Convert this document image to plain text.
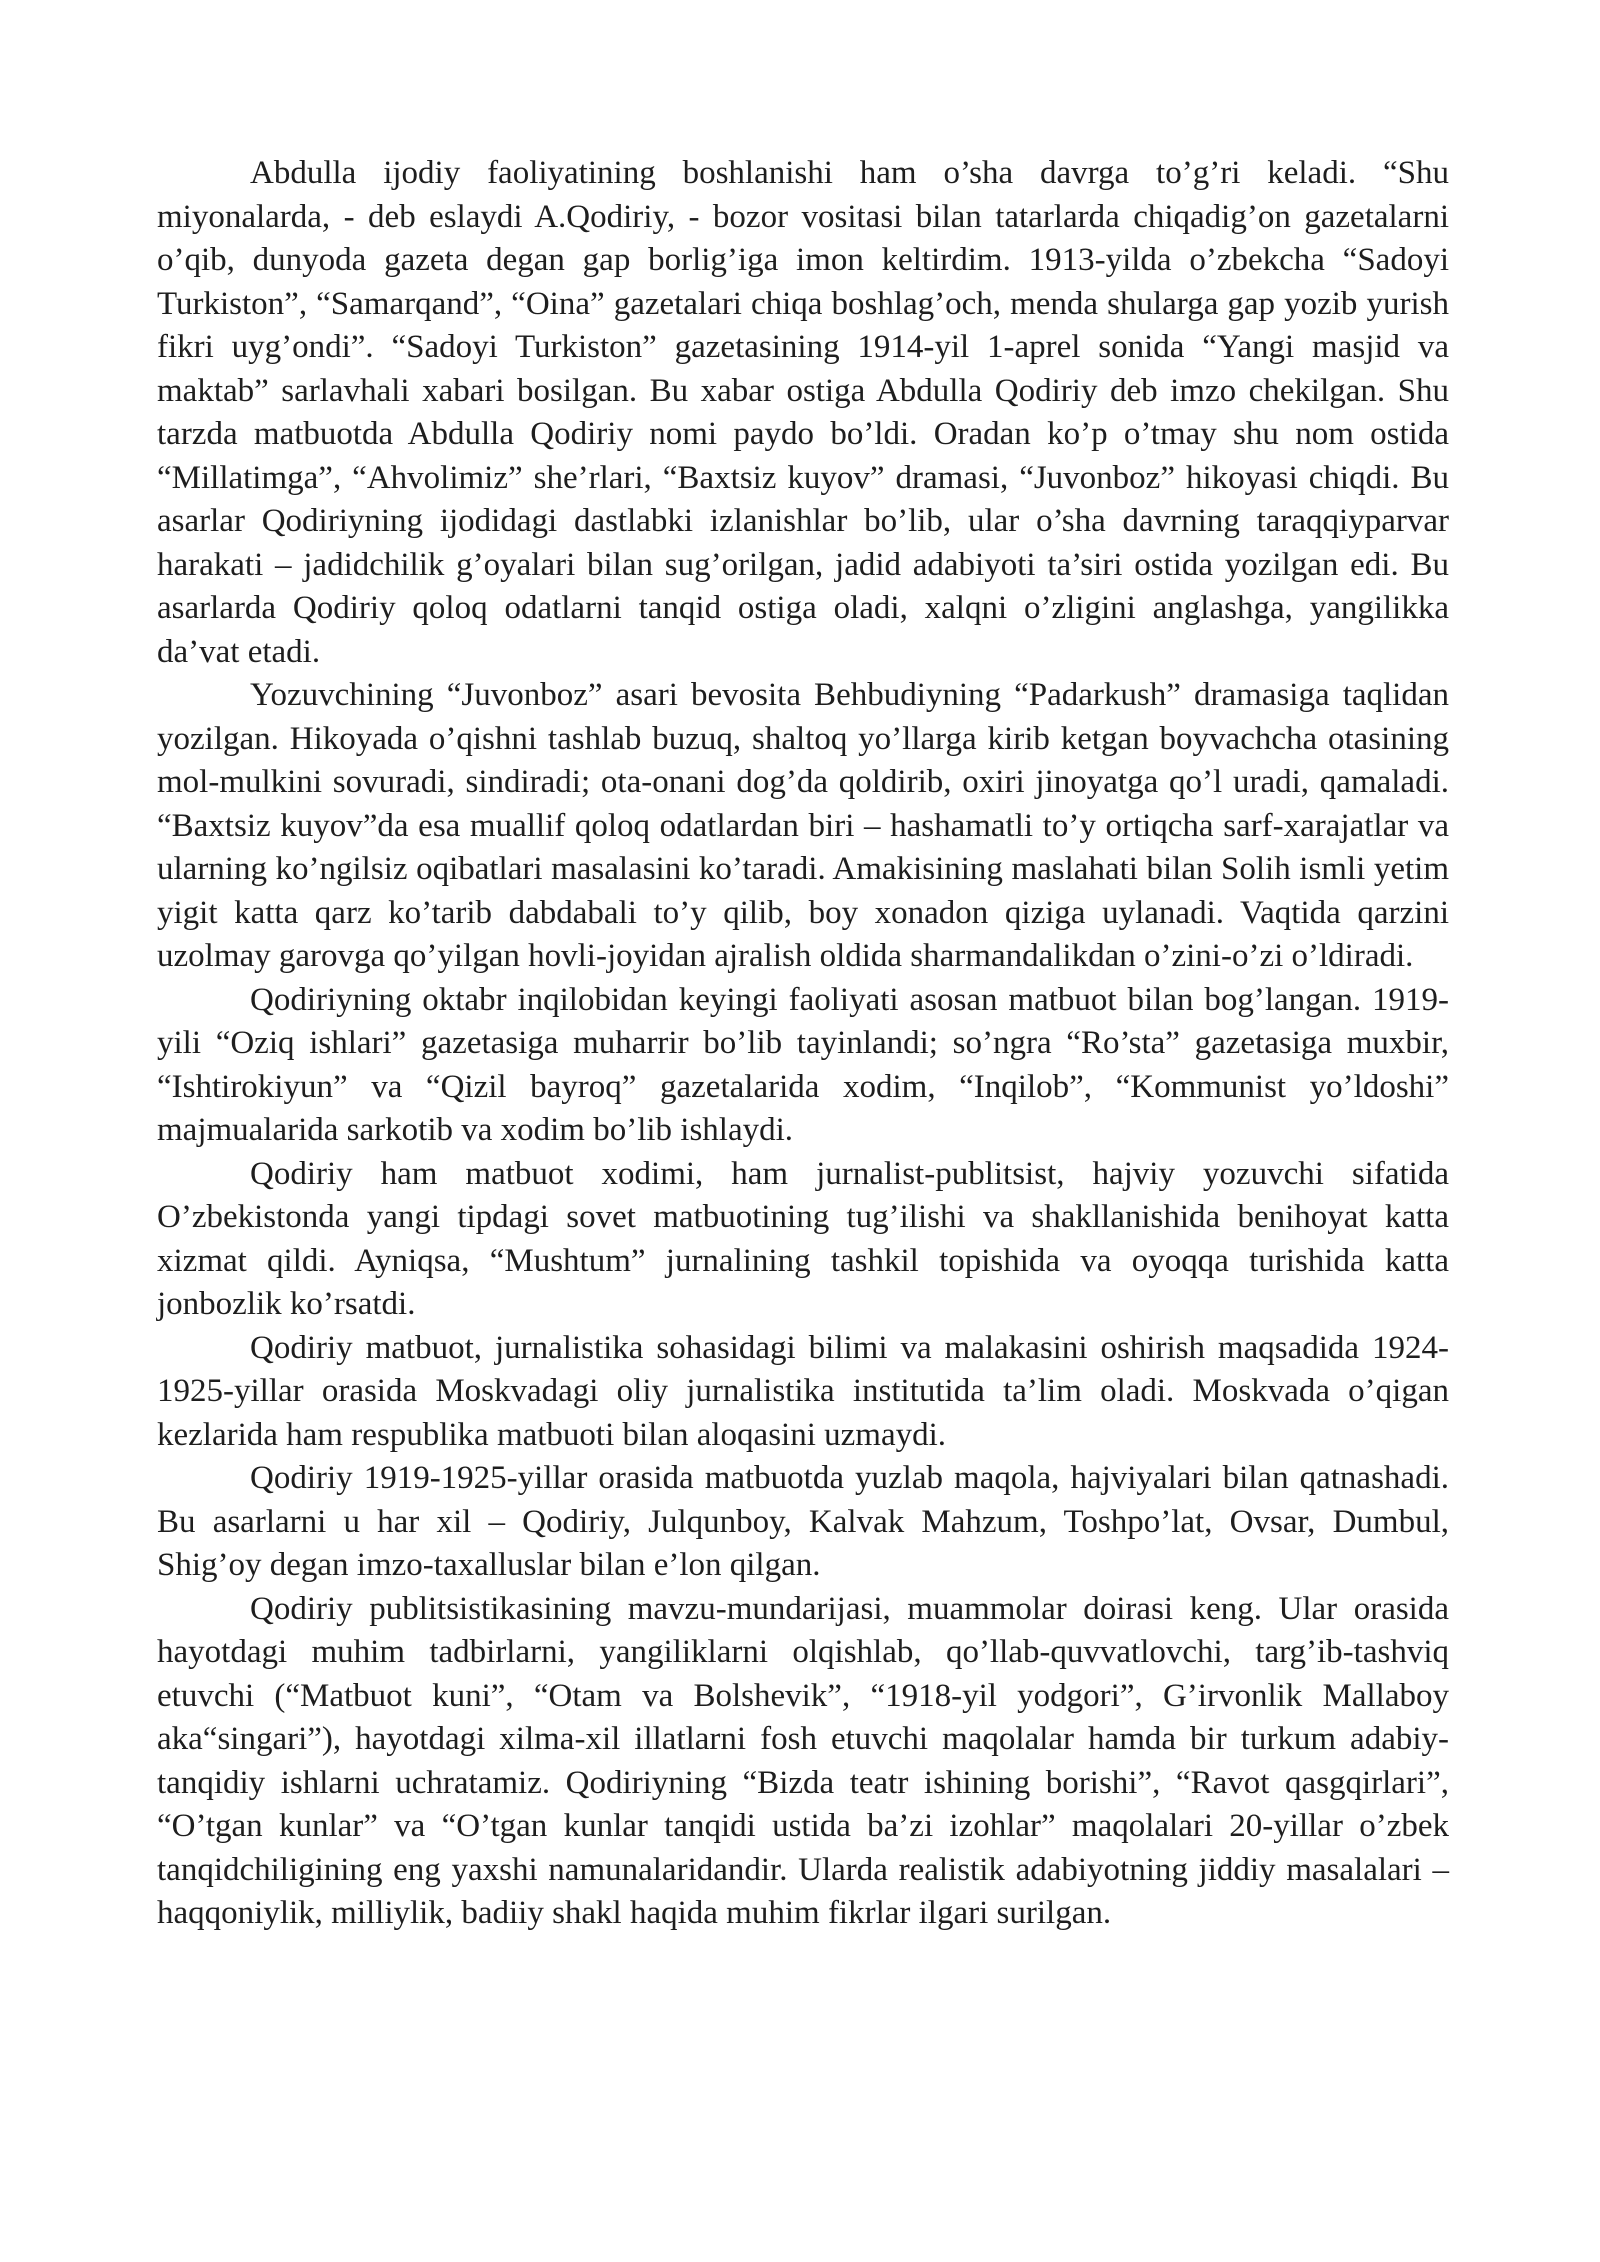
Abdulla ijodiy faoliyatining boshlanishi ham o’sha davrga to’g’ri keladi. “Shu miyonalarda, - deb eslaydi A.Qodiriy, - bozor vositasi bilan tatarlarda chiqadig’on gazetalarni o’qib, dunyoda gazeta degan gap borlig’iga imon keltirdim. 1913-yilda o’zbekcha “Sadoyi Turkiston”, “Samarqand”, “Oina” gazetalari chiqa boshlag’och, menda shularga gap yozib yurish fikri uyg’ondi”. “Sadoyi Turkiston” gazetasining 1914-yil 1-aprel sonida “Yangi masjid va maktab” sarlavhali xabari bosilgan. Bu xabar ostiga Abdulla Qodiriy deb imzo chekilgan. Shu tarzda matbuotda Abdulla Qodiriy nomi paydo bo’ldi. Oradan ko’p o’tmay shu nom ostida “Millatimga”, “Ahvolimiz” she’rlari, “Baxtsiz kuyov” dramasi, “Juvonboz” hikoyasi chiqdi. Bu asarlar Qodiriyning ijodidagi dastlabki izlanishlar bo’lib, ular o’sha davrning taraqqiyparvar harakati – jadidchilik g’oyalari bilan sug’orilgan, jadid adabiyoti ta’siri ostida yozilgan edi. Bu asarlarda Qodiriy qoloq odatlarni tanqid ostiga oladi, xalqni o’zligini anglashga, yangilikka da’vat etadi.

Yozuvchining “Juvonboz” asari bevosita Behbudiyning “Padarkush” dramasiga taqlidan yozilgan. Hikoyada o’qishni tashlab buzuq, shaltoq yo’llarga kirib ketgan boyvachcha otasining mol-mulkini sovuradi, sindiradi; ota-onani dog’da qoldirib, oxiri jinoyatga qo’l uradi, qamaladi. “Baxtsiz kuyov”da esa muallif qoloq odatlardan biri – hashamatli to’y ortiqcha sarf-xarajatlar va ularning ko’ngilsiz oqibatlari masalasini ko’taradi. Amakisining maslahati bilan Solih ismli yetim yigit katta qarz ko’tarib dabdabali to’y qilib, boy xonadon qiziga uylanadi. Vaqtida qarzini uzolmay garovga qo’yilgan hovli-joyidan ajralish oldida sharmandalikdan o’zini-o’zi o’ldiradi.

Qodiriyning oktabr inqilobidan keyingi faoliyati asosan matbuot bilan bog’langan. 1919-yili “Oziq ishlari” gazetasiga muharrir bo’lib tayinlandi; so’ngra “Ro’sta” gazetasiga muxbir, “Ishtirokiyun” va “Qizil bayroq” gazetalarida xodim, “Inqilob”, “Kommunist yo’ldoshi” majmualarida sarkotib va xodim bo’lib ishlaydi.

Qodiriy ham matbuot xodimi, ham jurnalist-publitsist, hajviy yozuvchi sifatida O’zbekistonda yangi tipdagi sovet matbuotining tug’ilishi va shakllanishida benihoyat katta xizmat qildi. Ayniqsa, “Mushtum” jurnalining tashkil topishida va oyoqqa turishida katta jonbozlik ko’rsatdi.

Qodiriy matbuot, jurnalistika sohasidagi bilimi va malakasini oshirish maqsadida 1924-1925-yillar orasida Moskvadagi oliy jurnalistika institutida ta’lim oladi. Moskvada o’qigan kezlarida ham respublika matbuoti bilan aloqasini uzmaydi.

Qodiriy 1919-1925-yillar orasida matbuotda yuzlab maqola, hajviyalari bilan qatnashadi. Bu asarlarni u har xil – Qodiriy, Julqunboy, Kalvak Mahzum, Toshpo’lat, Ovsar, Dumbul, Shig’oy degan imzo-taxalluslar bilan e’lon qilgan.

Qodiriy publitsistikasining mavzu-mundarijasi, muammolar doirasi keng. Ular orasida hayotdagi muhim tadbirlarni, yangiliklarni olqishlab, qo’llab-quvvatlovchi, targ’ib-tashviq etuvchi (“Matbuot kuni”, “Otam va Bolshevik”, “1918-yil yodgori”, G’irvonlik Mallaboy aka“singari”), hayotdagi xilma-xil illatlarni fosh etuvchi maqolalar hamda bir turkum adabiy-tanqidiy ishlarni uchratamiz. Qodiriyning “Bizda teatr ishining borishi”, “Ravot qasgqirlari”, “O’tgan kunlar” va “O’tgan kunlar tanqidi ustida ba’zi izohlar” maqolalari 20-yillar o’zbek tanqidchiligining eng yaxshi namunalaridandir. Ularda realistik adabiyotning jiddiy masalalari – haqqoniylik, milliylik, badiiy shakl haqida muhim fikrlar ilgari surilgan.
